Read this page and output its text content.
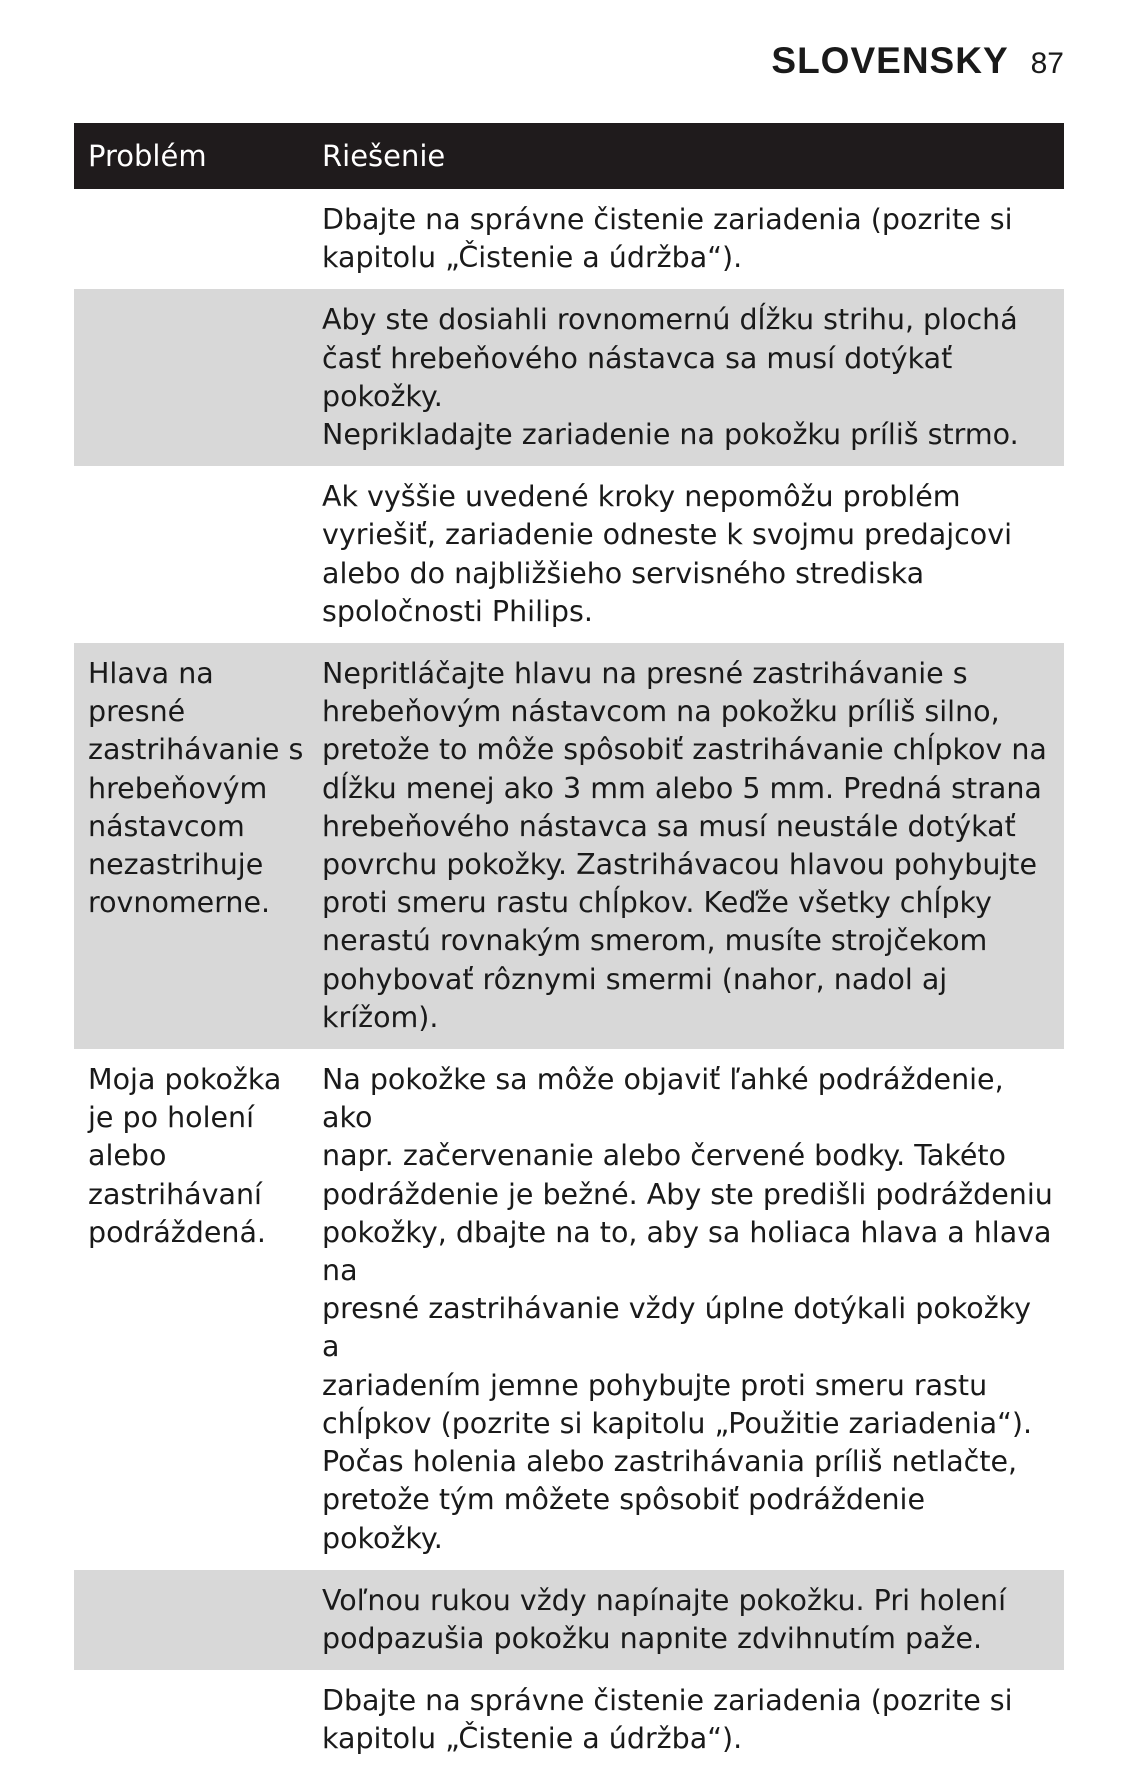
SLOVENSKY 87
Problém	Riešenie
Dbajte na správne čistenie zariadenia (pozrite si
kapitolu „Čistenie a údržba“).
Aby ste dosiahli rovnomernú dĺžku strihu, plochá
časť hrebeňového nástavca sa musí dotýkať pokožky.
Neprikladajte zariadenie na pokožku príliš strmo.
Ak vyššie uvedené kroky nepomôžu problém
vyriešiť, zariadenie odneste k svojmu predajcovi
alebo do najbližšieho servisného strediska
spoločnosti Philips.
Hlava na presné
zastrihávanie s
hrebeňovým
nástavcom
nezastrihuje
rovnomerne.
Nepritláčajte hlavu na presné zastrihávanie s
hrebeňovým nástavcom na pokožku príliš silno,
pretože to môže spôsobiť zastrihávanie chĺpkov na
dĺžku menej ako 3 mm alebo 5 mm. Predná strana
hrebeňového nástavca sa musí neustále dotýkať
povrchu pokožky. Zastrihávacou hlavou pohybujte
proti smeru rastu chĺpkov. Keďže všetky chĺpky
nerastú rovnakým smerom, musíte strojčekom
pohybovať rôznymi smermi (nahor, nadol aj krížom).
Moja pokožka
je po holení
alebo
zastrihávaní
podráždená.
Na pokožke sa môže objaviť ľahké podráždenie, ako
napr. začervenanie alebo červené bodky. Takéto
podráždenie je bežné. Aby ste predišli podráždeniu
pokožky, dbajte na to, aby sa holiaca hlava a hlava na
presné zastrihávanie vždy úplne dotýkali pokožky a
zariadením jemne pohybujte proti smeru rastu
chĺpkov (pozrite si kapitolu „Použitie zariadenia“).
Počas holenia alebo zastrihávania príliš netlačte,
pretože tým môžete spôsobiť podráždenie pokožky.
Voľnou rukou vždy napínajte pokožku. Pri holení
podpazušia pokožku napnite zdvihnutím paže.
Dbajte na správne čistenie zariadenia (pozrite si
kapitolu „Čistenie a údržba“).
